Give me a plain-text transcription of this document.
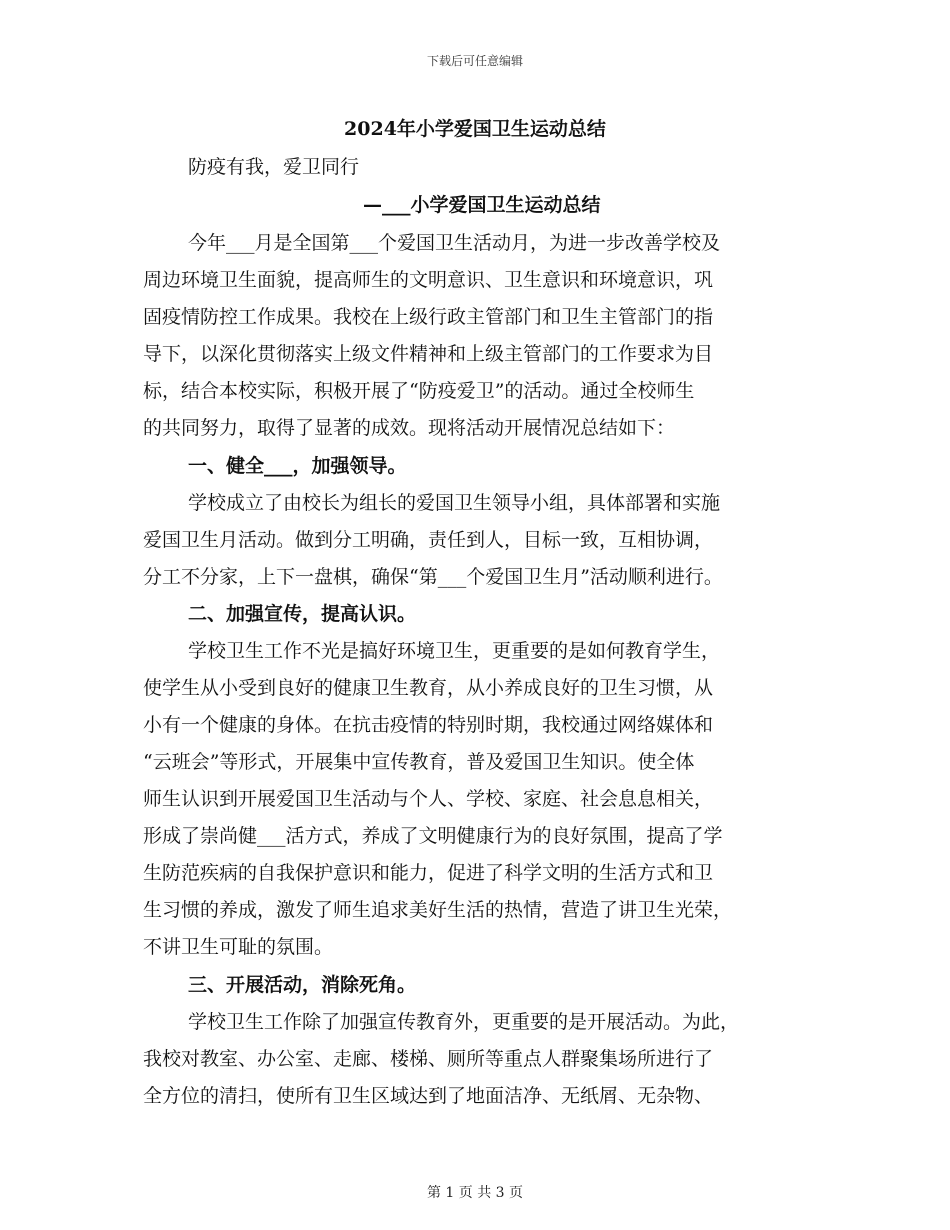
下载后可任意编辑
2024年小学爱国卫生运动总结
防疫有我，爱卫同行
—___小学爱国卫生运动总结
今年___月是全国第___个爱国卫生活动月，为进一步改善学校及
周边环境卫生面貌，提高师生的文明意识、卫生意识和环境意识，巩
固疫情防控工作成果。我校在上级行政主管部门和卫生主管部门的指
导下，以深化贯彻落实上级文件精神和上级主管部门的工作要求为目
标，结合本校实际，积极开展了“防疫爱卫”的活动。通过全校师生
的共同努力，取得了显著的成效。现将活动开展情况总结如下：
一、健全___，加强领导。
学校成立了由校长为组长的爱国卫生领导小组，具体部署和实施
爱国卫生月活动。做到分工明确，责任到人，目标一致，互相协调，
分工不分家，上下一盘棋，确保“第___个爱国卫生月”活动顺利进行。
二、加强宣传，提高认识。
学校卫生工作不光是搞好环境卫生，更重要的是如何教育学生，
使学生从小受到良好的健康卫生教育，从小养成良好的卫生习惯，从
小有一个健康的身体。在抗击疫情的特别时期，我校通过网络媒体和
“云班会”等形式，开展集中宣传教育，普及爱国卫生知识。使全体
师生认识到开展爱国卫生活动与个人、学校、家庭、社会息息相关，
形成了崇尚健___活方式，养成了文明健康行为的良好氛围，提高了学
生防范疾病的自我保护意识和能力，促进了科学文明的生活方式和卫
生习惯的养成，激发了师生追求美好生活的热情，营造了讲卫生光荣，
不讲卫生可耻的氛围。
三、开展活动，消除死角。
学校卫生工作除了加强宣传教育外，更重要的是开展活动。为此，
我校对教室、办公室、走廊、楼梯、厕所等重点人群聚集场所进行了
全方位的清扫，使所有卫生区域达到了地面洁净、无纸屑、无杂物、
第 1 页 共 3 页
